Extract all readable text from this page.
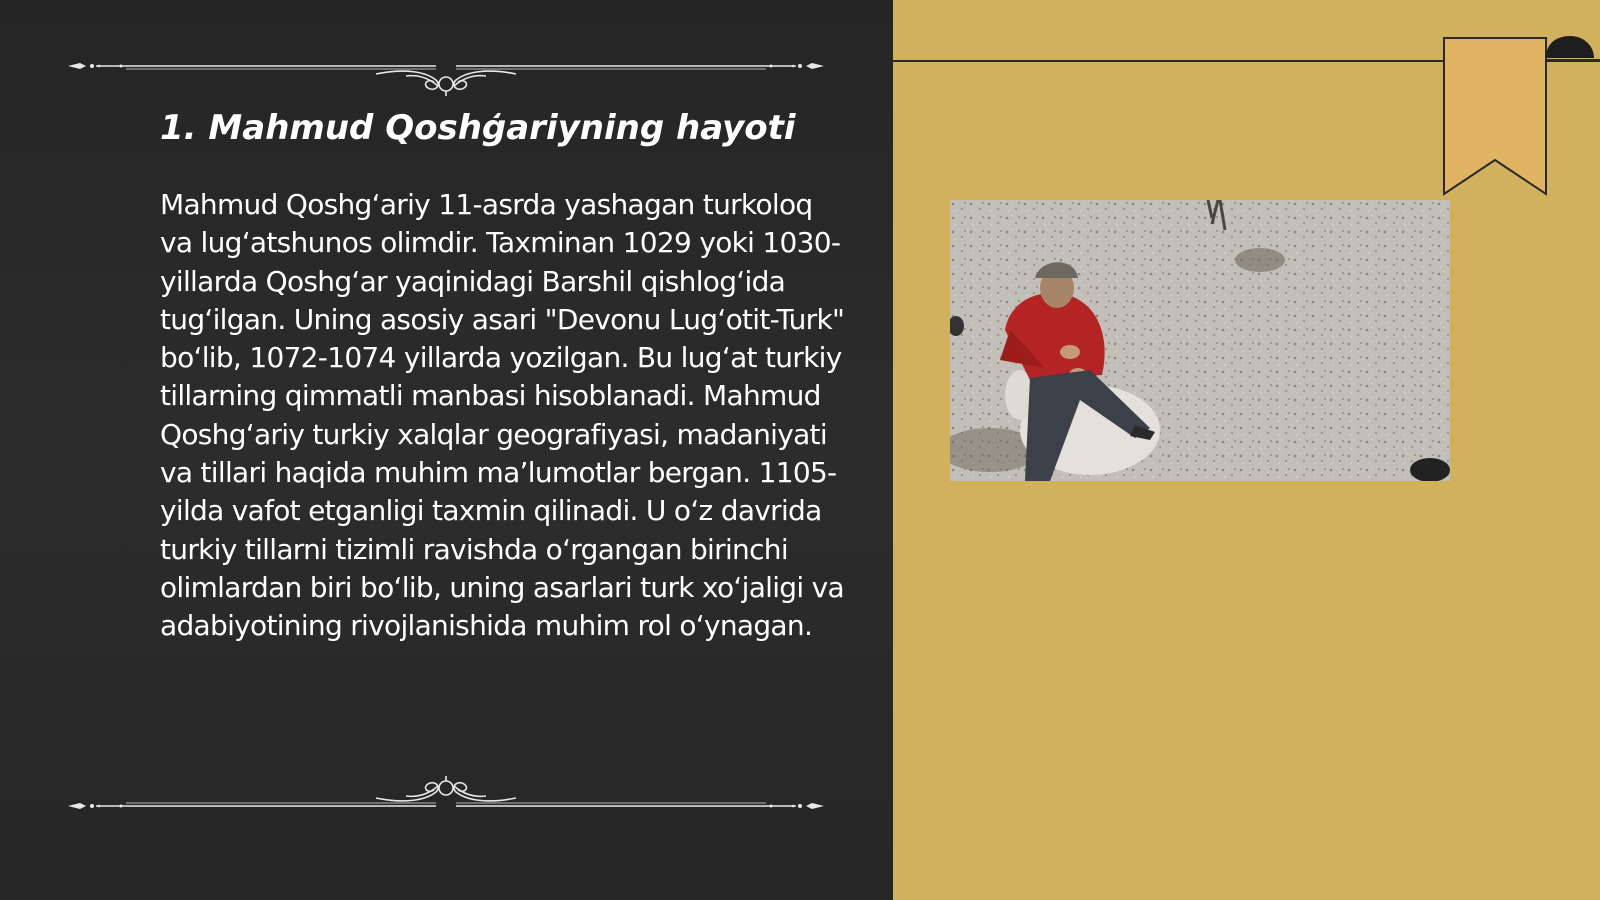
1. Mahmud Qoshģariyning hayoti

Mahmud Qoshg‘ariy 11-asrda yashagan turkoloq va lug‘atshunos olimdir. Taxminan 1029 yoki 1030-yillarda Qoshg‘ar yaqinidagi Barshil qishlog‘ida tug‘ilgan. Uning asosiy asari "Devonu Lug‘otit-Turk" bo‘lib, 1072-1074 yillarda yozilgan. Bu lug‘at turkiy tillarning qimmatli manbasi hisoblanadi. Mahmud Qoshg‘ariy turkiy xalqlar geografiyasi, madaniyati va tillari haqida muhim ma’lumotlar bergan. 1105-yilda vafot etganligi taxmin qilinadi. U o‘z davrida turkiy tillarni tizimli ravishda o‘rgangan birinchi olimlardan biri bo‘lib, uning asarlari turk xo‘jaligi va adabiyotining rivojlanishida muhim rol o‘ynagan.
